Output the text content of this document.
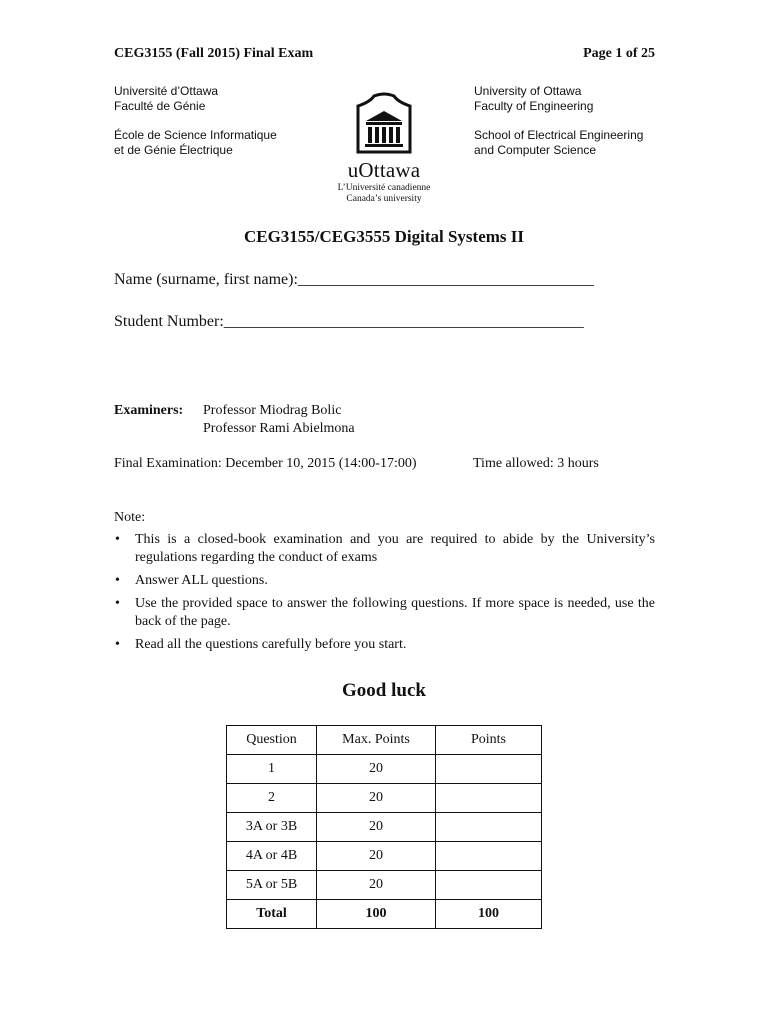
CEG3155 (Fall 2015) Final Exam	Page 1 of 25
Université d’Ottawa
Faculté de Génie
École de Science Informatique
et de Génie Électrique
University of Ottawa
Faculty of Engineering
School of Electrical Engineering
and Computer Science
uOttawa
L’Université canadienne
Canada’s university
CEG3155/CEG3555 Digital Systems II
Name (surname, first name):_____________________________________
Student Number:_____________________________________________
Examiners: Professor Miodrag Bolic
Professor Rami Abielmona
Final Examination: December 10, 2015 (14:00-17:00)	Time allowed: 3 hours
Note:
• This is a closed-book examination and you are required to abide by the University’s regulations regarding the conduct of exams
• Answer ALL questions.
• Use the provided space to answer the following questions. If more space is needed, use the back of the page.
• Read all the questions carefully before you start.
Good luck
Question	Max. Points	Points
1	20	
2	20	
3A or 3B	20	
4A or 4B	20	
5A or 5B	20	
Total	100	100
